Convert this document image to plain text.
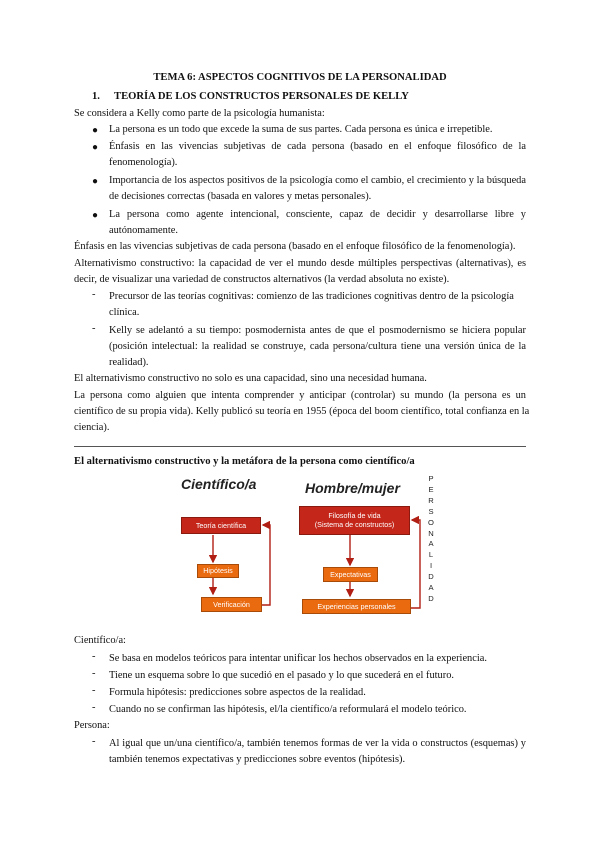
TEMA 6: ASPECTOS COGNITIVOS DE LA PERSONALIDAD
1. TEORÍA DE LOS CONSTRUCTOS PERSONALES DE KELLY
Se considera a Kelly como parte de la psicología humanista:
● La persona es un todo que excede la suma de sus partes. Cada persona es única e irrepetible.
● Énfasis en las vivencias subjetivas de cada persona (basado en el enfoque filosófico de la
fenomenología).
● Importancia de los aspectos positivos de la psicología como el cambio, el crecimiento y la búsqueda
de decisiones correctas (basada en valores y metas personales).
● La persona como agente intencional, consciente, capaz de decidir y desarrollarse libre y
autónomamente.
Énfasis en las vivencias subjetivas de cada persona (basado en el enfoque filosófico de la fenomenología).
Alternativismo constructivo: la capacidad de ver el mundo desde múltiples perspectivas (alternativas), es
decir, de visualizar una variedad de constructos alternativos (la verdad absoluta no existe).
- Precursor de las teorías cognitivas: comienzo de las tradiciones cognitivas dentro de la psicología
clínica.
- Kelly se adelantó a su tiempo: posmodernista antes de que el posmodernismo se hiciera popular
(posición intelectual: la realidad se construye, cada persona/cultura tiene una versión única de la
realidad).
El alternativismo constructivo no solo es una capacidad, sino una necesidad humana.
La persona como alguien que intenta comprender y anticipar (controlar) su mundo (la persona es un
científico de su propia vida). Kelly publicó su teoría en 1955 (época del boom científico, total confianza en la
ciencia).
El alternativismo constructivo y la metáfora de la persona como científico/a
Científico/a	Hombre/mujer
Teoría científica
Hipótesis
Verificación empírica
Filosofía de vida
(Sistema de constructos)
Expectativas
Experiencias personales
P
E
R
S
O
N
A
L
I
D
A
D
Científico/a:
- Se basa en modelos teóricos para intentar unificar los hechos observados en la experiencia.
- Tiene un esquema sobre lo que sucedió en el pasado y lo que sucederá en el futuro.
- Formula hipótesis: predicciones sobre aspectos de la realidad.
- Cuando no se confirman las hipótesis, el/la científico/a reformulará el modelo teórico.
Persona:
- Al igual que un/una científico/a, también tenemos formas de ver la vida o constructos (esquemas) y
también tenemos expectativas y predicciones sobre eventos (hipótesis).
